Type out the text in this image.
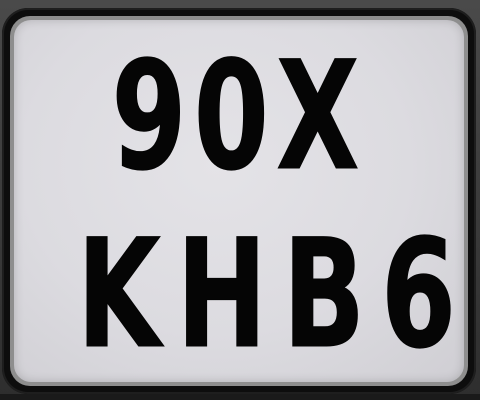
90X
KHB6
